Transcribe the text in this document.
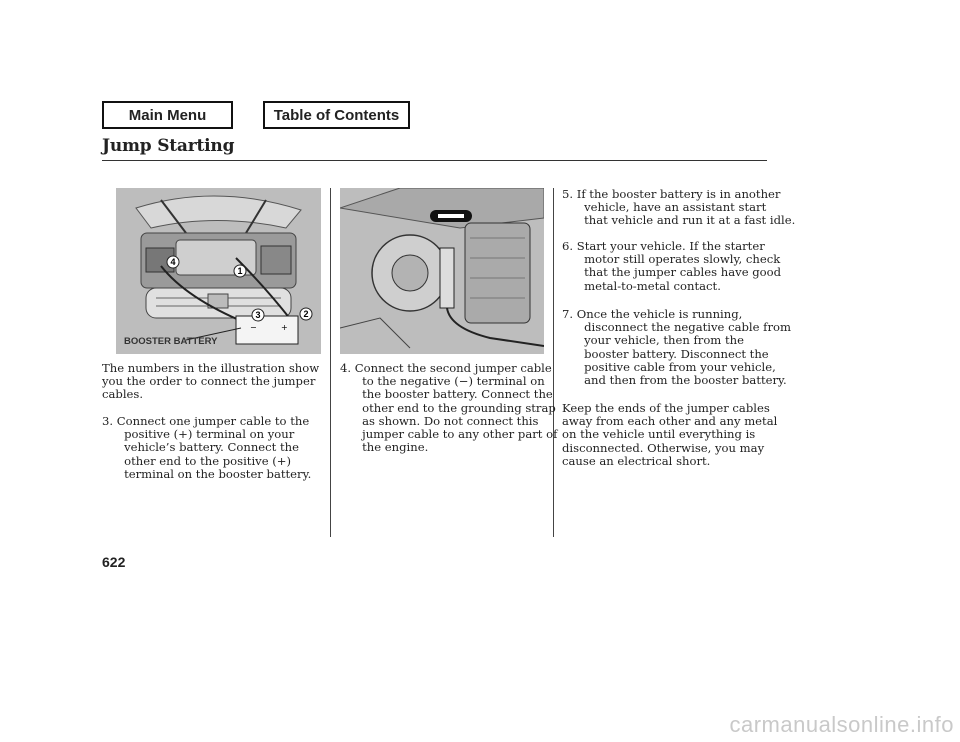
Main Menu	Table of Contents
Jump Starting
−	+
1
2
3
4
BOOSTER BATTERY

The numbers in the illustration show
you the order to connect the jumper
cables.

3. Connect one jumper cable to the
positive (+) terminal on your
vehicle’s battery. Connect the
other end to the positive (+)
terminal on the booster battery.

4. Connect the second jumper cable
to the negative (−) terminal on
the booster battery. Connect the
other end to the grounding strap
as shown. Do not connect this
jumper cable to any other part of
the engine.

5. If the booster battery is in another
vehicle, have an assistant start
that vehicle and run it at a fast idle.

6. Start your vehicle. If the starter
motor still operates slowly, check
that the jumper cables have good
metal-to-metal contact.

7. Once the vehicle is running,
disconnect the negative cable from
your vehicle, then from the
booster battery. Disconnect the
positive cable from your vehicle,
and then from the booster battery.

Keep the ends of the jumper cables
away from each other and any metal
on the vehicle until everything is
disconnected. Otherwise, you may
cause an electrical short.

622
carmanualsonline.info
